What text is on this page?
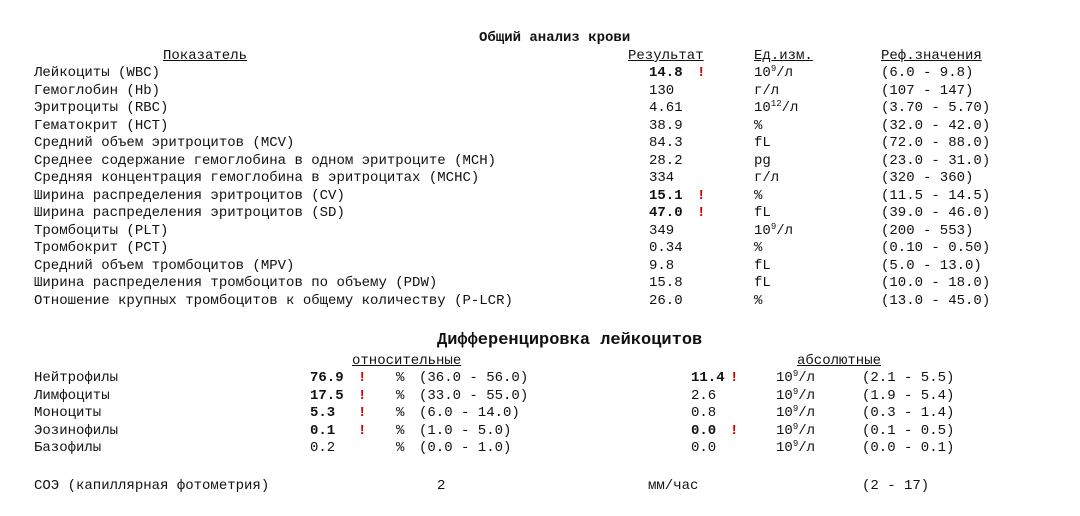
Общий анализ крови
Показатель	Результат	Ед.изм.	Реф.значения
Лейкоциты (WBC)	14.8 !	$10^9/л$	(6.0 - 9.8)
Гемоглобин (Hb)	130	г/л	(107 - 147)
Эритроциты (RBC)	4.61	$10^{12}/л$	(3.70 - 5.70)
Гематокрит (HCT)	38.9	%	(32.0 - 42.0)
Средний объем эритроцитов (MCV)	84.3	fL	(72.0 - 88.0)
Среднее содержание гемоглобина в одном эритроците (MCH)	28.2	pg	(23.0 - 31.0)
Средняя концентрация гемоглобина в эритроцитах (MCHC)	334	г/л	(320 - 360)
Ширина распределения эритроцитов (CV)	15.1 !	%	(11.5 - 14.5)
Ширина распределения эритроцитов (SD)	47.0 !	fL	(39.0 - 46.0)
Тромбоциты (PLT)	349	$10^9/л$	(200 - 553)
Тромбокрит (PCT)	0.34	%	(0.10 - 0.50)
Средний объем тромбоцитов (MPV)	9.8	fL	(5.0 - 13.0)
Ширина распределения тромбоцитов по объему (PDW)	15.8	fL	(10.0 - 18.0)
Отношение крупных тромбоцитов к общему количеству (P-LCR)	26.0	%	(13.0 - 45.0)
Дифференцировка лейкоцитов
относительные	абсолютные
Нейтрофилы	76.9 ! % (36.0 - 56.0)	11.4 !	$10^9/л$	(2.1 - 5.5)
Лимфоциты	17.5 ! % (33.0 - 55.0)	2.6	$10^9/л$	(1.9 - 5.4)
Моноциты	5.3 ! % (6.0 - 14.0)	0.8	$10^9/л$	(0.3 - 1.4)
Эозинофилы	0.1 ! % (1.0 - 5.0)	0.0 !	$10^9/л$	(0.1 - 0.5)
Базофилы	0.2	% (0.0 - 1.0)	0.0	$10^9/л$	(0.0 - 0.1)
СОЭ (капиллярная фотометрия)	2	мм/час	(2 - 17)
